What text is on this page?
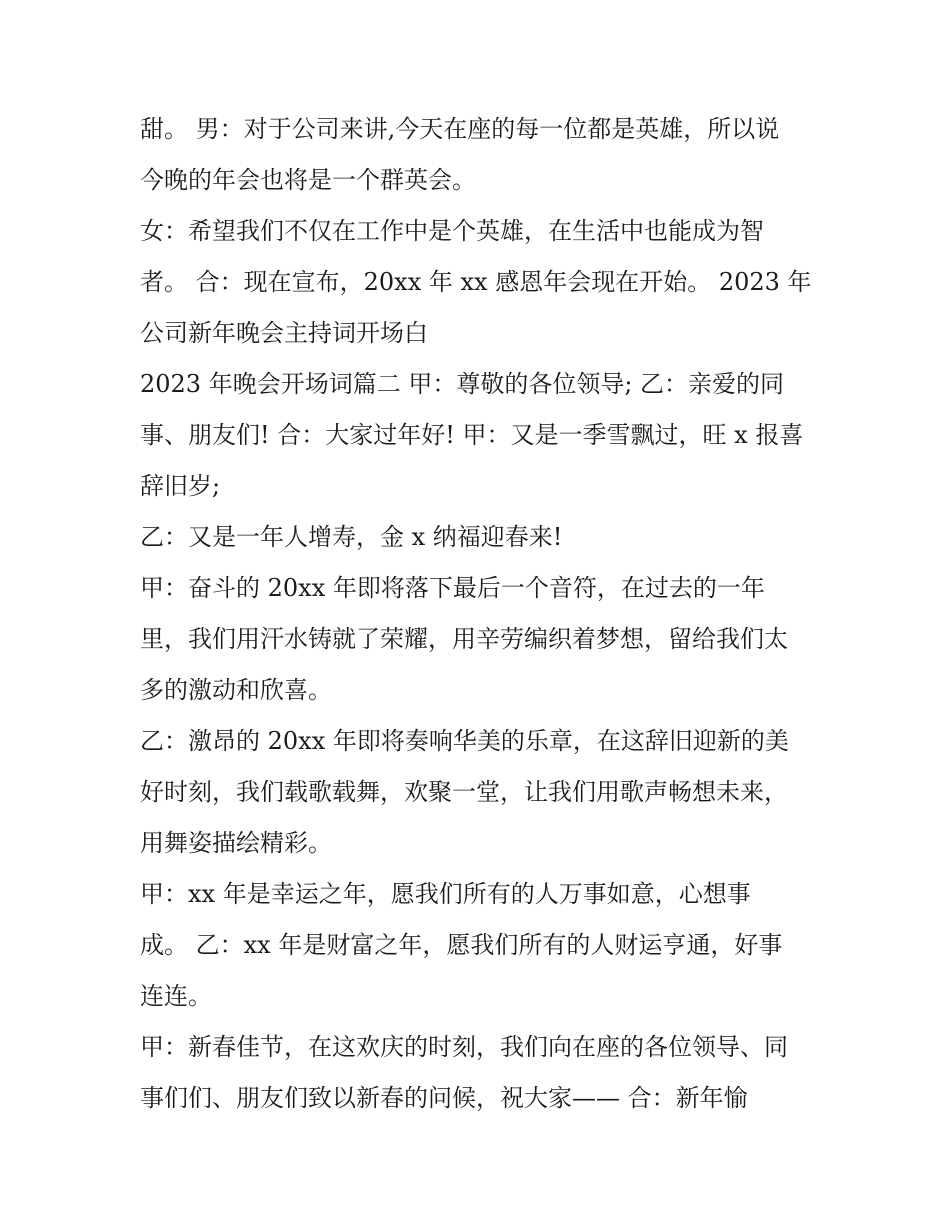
甜。 男：对于公司来讲,今天在座的每一位都是英雄，所以说
今晚的年会也将是一个群英会。
女：希望我们不仅在工作中是个英雄，在生活中也能成为智
者。 合：现在宣布，20xx 年 xx 感恩年会现在开始。 2023 年
公司新年晚会主持词开场白
2023 年晚会开场词篇二 甲：尊敬的各位领导; 乙：亲爱的同
事、朋友们! 合：大家过年好! 甲：又是一季雪飘过，旺 x 报喜
辞旧岁;
乙：又是一年人增寿，金 x 纳福迎春来!
甲：奋斗的 20xx 年即将落下最后一个音符，在过去的一年
里，我们用汗水铸就了荣耀，用辛劳编织着梦想，留给我们太
多的激动和欣喜。
乙：激昂的 20xx 年即将奏响华美的乐章，在这辞旧迎新的美
好时刻，我们载歌载舞，欢聚一堂，让我们用歌声畅想未来，
用舞姿描绘精彩。
甲：xx 年是幸运之年，愿我们所有的人万事如意，心想事
成。 乙：xx 年是财富之年，愿我们所有的人财运亨通，好事
连连。
甲：新春佳节，在这欢庆的时刻，我们向在座的各位领导、同
事们们、朋友们致以新春的问候，祝大家—— 合：新年愉
